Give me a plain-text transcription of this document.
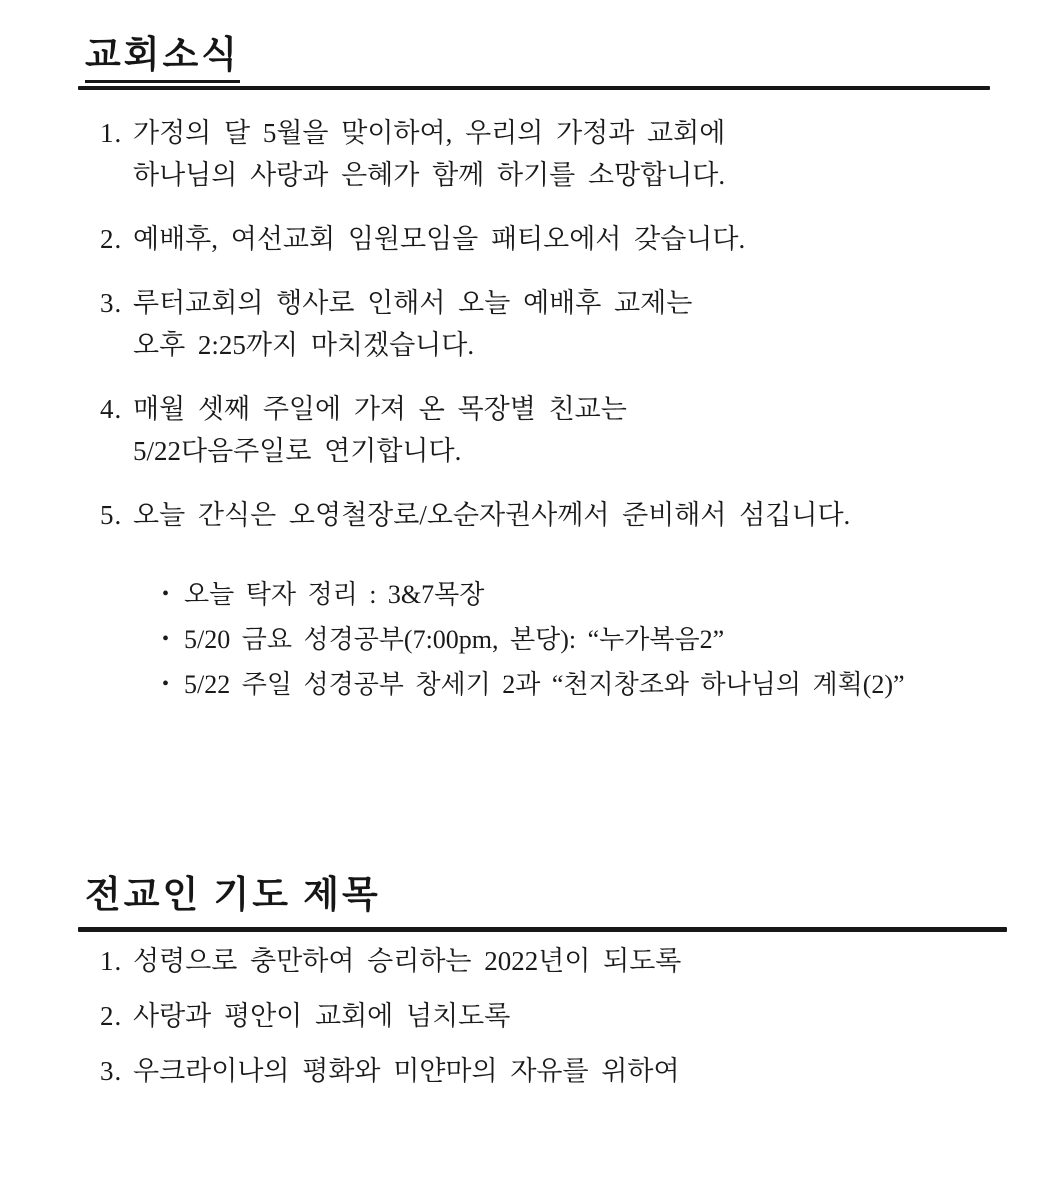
교회소식
1. 가정의 달 5월을 맞이하여, 우리의 가정과 교회에
하나님의 사랑과 은혜가 함께 하기를 소망합니다.
2. 예배후, 여선교회 임원모임을 패티오에서 갖습니다.
3. 루터교회의 행사로 인해서 오늘 예배후 교제는
오후 2:25까지 마치겠습니다.
4. 매월 셋째 주일에 가져 온 목장별 친교는
5/22다음주일로 연기합니다.
5. 오늘 간식은 오영철장로/오순자권사께서 준비해서 섬깁니다.
• 오늘 탁자 정리 : 3&7목장
• 5/20 금요 성경공부(7:00pm, 본당): “누가복음2”
• 5/22 주일 성경공부 창세기 2과 “천지창조와 하나님의 계획(2)”
전교인 기도 제목
1. 성령으로 충만하여 승리하는 2022년이 되도록
2. 사랑과 평안이 교회에 넘치도록
3. 우크라이나의 평화와 미얀마의 자유를 위하여
